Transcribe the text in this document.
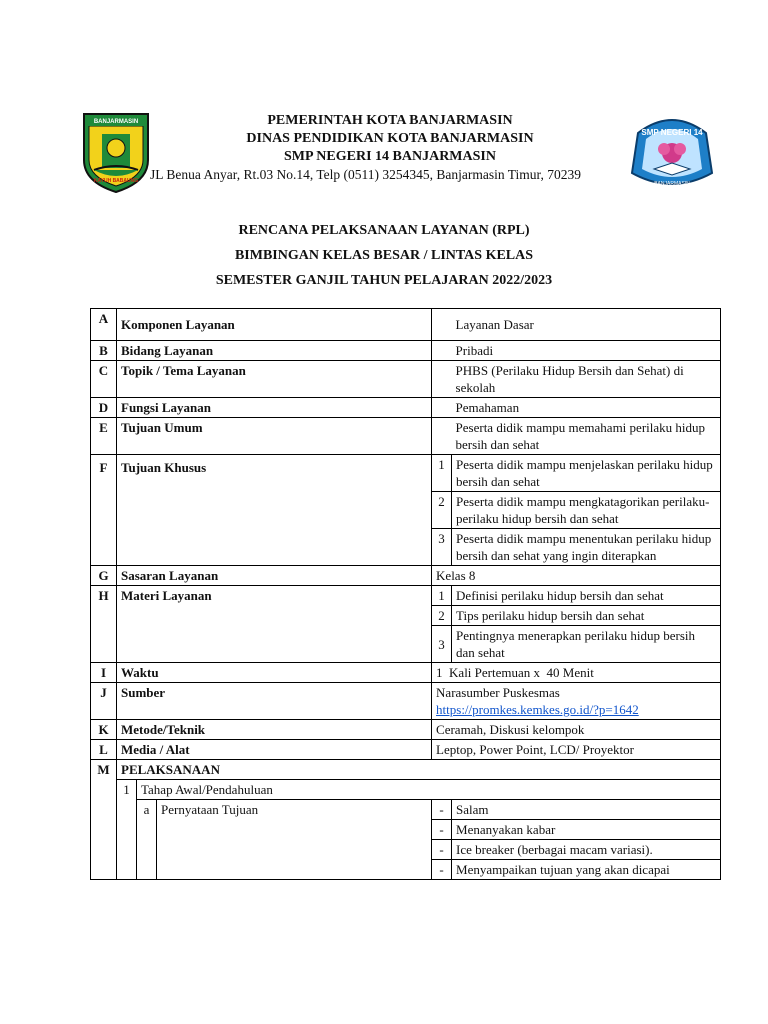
BANJARMASIN
KAYUH BABAUNG
SMP NEGERI 14
BANJARMASIN
PEMERINTAH KOTA BANJARMASIN
DINAS PENDIDIKAN KOTA BANJARMASIN
SMP NEGERI 14 BANJARMASIN
JL Benua Anyar, Rt.03 No.14, Telp (0511) 3254345, Banjarmasin Timur, 70239
RENCANA PELAKSANAAN LAYANAN (RPL)
BIMBINGAN KELAS BESAR / LINTAS KELAS
SEMESTER GANJIL TAHUN PELAJARAN 2022/2023
A	Komponen Layanan				Layanan Dasar
B	Bidang Layanan				Pribadi
C	Topik / Tema Layanan				PHBS (Perilaku Hidup Bersih dan Sehat) di sekolah
D	Fungsi Layanan				Pemahaman
E	Tujuan Umum				Peserta didik mampu memahami perilaku hidup bersih dan sehat
F	Tujuan Khusus			1	Peserta didik mampu menjelaskan perilaku hidup bersih dan sehat
				2	Peserta didik mampu mengkatagorikan perilaku-perilaku hidup bersih dan sehat
				3	Peserta didik mampu menentukan perilaku hidup bersih dan sehat yang ingin diterapkan
G	Sasaran Layanan			Kelas 8	
H	Materi Layanan			1	Definisi perilaku hidup bersih dan sehat
				2	Tips perilaku hidup bersih dan sehat
				3	Pentingnya menerapkan perilaku hidup bersih dan sehat
I	Waktu			1  Kali Pertemuan x  40 Menit	
J	Sumber			Narasumber Puskesmas
https://promkes.kemkes.go.id/?p=1642	
K	Metode/Teknik			Ceramah, Diskusi kelompok	
L	Media / Alat			Leptop, Power Point, LCD/ Proyektor	
M	PELAKSANAAN				
	1	Tahap Awal/Pendahuluan			
		a	Pernyataan Tujuan	-	Salam
				-	Menanyakan kabar
				-	Ice breaker (berbagai macam variasi).
				-	Menyampaikan tujuan yang akan dicapai
